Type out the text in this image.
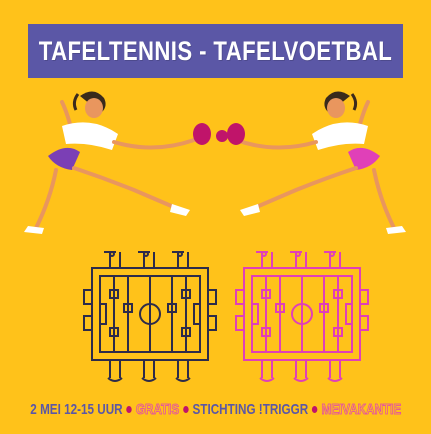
TAFELTENNIS - TAFELVOETBAL
2 MEI 12-15 UUR GRATIS STICHTING !TRIGGR MEIVAKANTIE
